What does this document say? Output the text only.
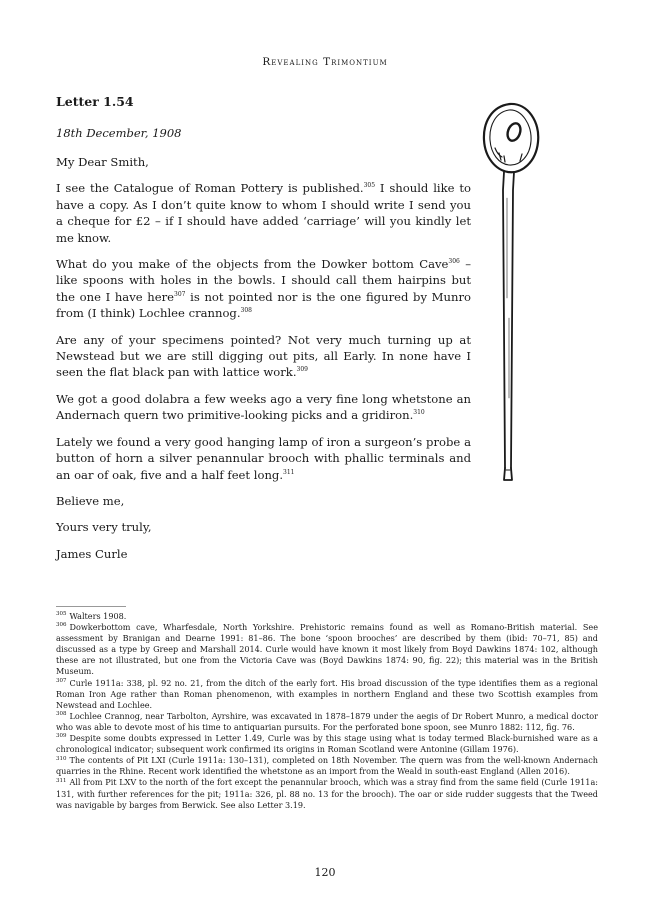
Revealing Trimontium

Letter 1.54

18th December, 1908

My Dear Smith,

I see the Catalogue of Roman Pottery is published.$^{305}$ I should like to have a copy. As I don’t quite know to whom I should write I send you a cheque for £2 – if I should have added ‘carriage’ will you kindly let me know.

What do you make of the objects from the Dowker bottom Cave$^{306}$ – like spoons with holes in the bowls. I should call them hairpins but the one I have here$^{307}$ is not pointed nor is the one figured by Munro from (I think) Lochlee crannog.$^{308}$

Are any of your specimens pointed? Not very much turning up at Newstead but we are still digging out pits, all Early. In none have I seen the flat black pan with lattice work.$^{309}$

We got a good dolabra a few weeks ago a very fine long whetstone an Andernach quern two primitive-looking picks and a gridiron.$^{310}$

Lately we found a very good hanging lamp of iron a surgeon’s probe a button of horn a silver penannular brooch with phallic terminals and an oar of oak, five and a half feet long.$^{311}$

Believe me,

Yours very truly,

James Curle

$^{305}$ Walters 1908.

$^{306}$ Dowkerbottom cave, Wharfesdale, North Yorkshire. Prehistoric remains found as well as Romano-British material. See assessment by Branigan and Dearne 1991: 81–86. The bone ‘spoon brooches’ are described by them (ibid: 70–71, 85) and discussed as a type by Greep and Marshall 2014. Curle would have known it most likely from Boyd Dawkins 1874: 102, although these are not illustrated, but one from the Victoria Cave was (Boyd Dawkins 1874: 90, fig. 22); this material was in the British Museum.

$^{307}$ Curle 1911a: 338, pl. 92 no. 21, from the ditch of the early fort. His broad discussion of the type identifies them as a regional Roman Iron Age rather than Roman phenomenon, with examples in northern England and these two Scottish examples from Newstead and Lochlee.

$^{308}$ Lochlee Crannog, near Tarbolton, Ayrshire, was excavated in 1878–1879 under the aegis of Dr Robert Munro, a medical doctor who was able to devote most of his time to antiquarian pursuits. For the perforated bone spoon, see Munro 1882: 112, fig. 76.

$^{309}$ Despite some doubts expressed in Letter 1.49, Curle was by this stage using what is today termed Black-burnished ware as a chronological indicator; subsequent work confirmed its origins in Roman Scotland were Antonine (Gillam 1976).

$^{310}$ The contents of Pit LXI (Curle 1911a: 130–131), completed on 18th November. The quern was from the well-known Andernach quarries in the Rhine. Recent work identified the whetstone as an import from the Weald in south-east England (Allen 2016).

$^{311}$ All from Pit LXV to the north of the fort except the penannular brooch, which was a stray find from the same field (Curle 1911a: 131, with further references for the pit; 1911a: 326, pl. 88 no. 13 for the brooch). The oar or side rudder suggests that the Tweed was navigable by barges from Berwick. See also Letter 3.19.

120
